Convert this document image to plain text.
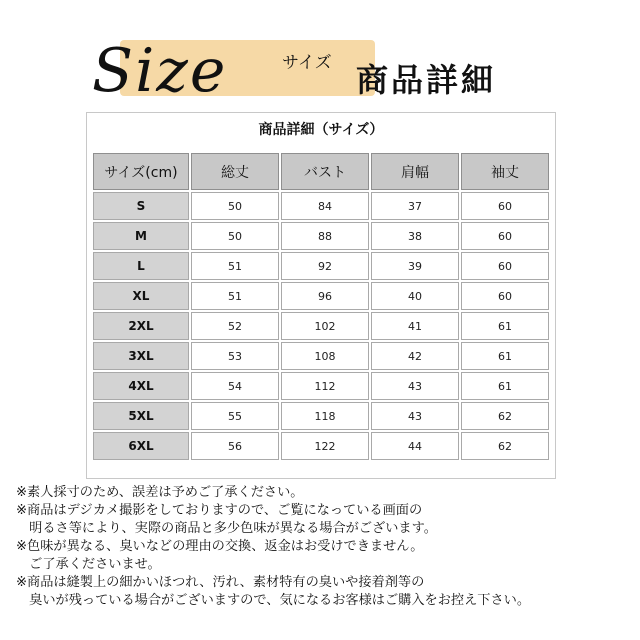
Size	サイズ 商品詳細
商品詳細（サイズ）
サイズ(cm)	総丈	バスト	肩幅	袖丈
S	50	84	37	60
M	50	88	38	60
L	51	92	39	60
XL	51	96	40	60
2XL	52	102	41	61
3XL	53	108	42	61
4XL	54	112	43	61
5XL	55	118	43	62
6XL	56	122	44	62

※素人採寸のため、誤差は予めご了承ください。

※商品はデジカメ撮影をしておりますので、ご覧になっている画面の

　明るさ等により、実際の商品と多少色味が異なる場合がございます。

※色味が異なる、臭いなどの理由の交換、返金はお受けできません。

　ご了承くださいませ。

※商品は縫製上の細かいほつれ、汚れ、素材特有の臭いや接着剤等の

　臭いが残っている場合がございますので、気になるお客様はご購入をお控え下さい。
